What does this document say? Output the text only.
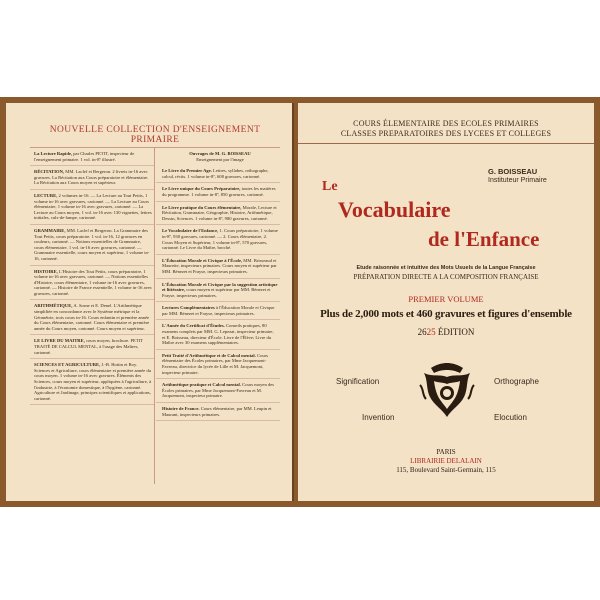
NOUVELLE COLLECTION D'ENSEIGNEMENT PRIMAIRE
La Lecture Rapide, par Charles PETIT, inspecteur de l'enseignement primaire. 1 vol. in-8º illustré.
RÉCITATION, MM. Laclef et Bergeron. 2 livrets in-16 avec gravures. La Récitation aux Cours préparatoire et élémentaire. La Récitation aux Cours moyen et supérieur.
LECTURE, 2 volumes in-16. — La Lecture au Tout Petits, 1 volume in-16 avec gravures, cartonné. — La Lecture au Cours élémentaire, 1 volume in-16 avec gravures, cartonné. — La Lecture au Cours moyen, 1 vol. in-16 avec 130 vignettes, lettres initiales, culs-de-lampe, cartonné.
GRAMMAIRE, MM. Laclef et Bergeron. La Grammaire des Tout Petits, cours préparatoire. 1 vol. in-16, 12 gravures en couleurs, cartonné. — Notions essentielles de Grammaire, cours élémentaire, 1 vol. in-16 avec gravures, cartonné. — Grammaire essentielle, cours moyen et supérieur, 1 volume in-16, cartonné.
HISTOIRE, L'Histoire des Tout Petits, cours préparatoire, 1 volume in-16 avec gravures, cartonné. — Notions essentielles d'Histoire, cours élémentaire, 1 volume in-16 avec gravures, cartonné. — Histoire de France essentielle, 1 volume in-16 avec gravures, cartonné.
ARITHMÉTIQUE, A. Sorne et E. Denel. L'Arithmétique simplifiée en concordance avec le Système métrique et la Géométrie, trois cours in-16. Cours enfantin et première année du Cours élémentaire, cartonné. Cours élémentaire et première année du Cours moyen, cartonné. Cours moyen et supérieur.
LE LIVRE DU MAITRE, cours moyen, brochure. PETIT TRAITÉ DE CALCUL MENTAL, à l'usage des Maîtres, cartonné.
SCIENCES ET AGRICULTURE, J.-B. Hottin et Roy. Sciences et Agriculture, cours élémentaire et première année du cours moyen. 1 volume in-16 avec gravures. Éléments des Sciences, cours moyen et supérieur, appliquées à l'agriculture, à l'industrie, à l'économie domestique, à l'hygiène, cartonné. Agriculture et Jardinage, principes scientifiques et applications, cartonné.
Ouvrages de M. G. BOISSEAU
Enseignement par l'image
Le Livre du Premier Age. Lettres, syllabes, orthographe, calcul, récits. 1 volume in-8º, 608 gravures, cartonné.
Le Livre unique du Cours Préparatoire, toutes les matières du programme. 1 volume in-8º, 850 gravures, cartonné.
Le Livre pratique du Cours élémentaire, Morale, Lecture et Récitation, Grammaire, Géographie, Histoire, Arithmétique, Dessin, Sciences. 1 volume in-8º, 980 gravures, cartonné.
Le Vocabulaire de l'Enfance, 1. Cours préparatoire, 1 volume in-8º, 930 gravures, cartonné. — 2. Cours élémentaire, 2. Cours Moyen et Supérieur, 1 volume in-8º, 570 gravures, cartonné. Le Livre du Maître, broché.
L'Éducation Morale et Civique à l'École, MM. Brisseaud et Maurette, inspecteurs primaires. Cours moyen et supérieur par MM. Bénezet et Frayse, inspecteurs primaires.
L'Éducation Morale et Civique par la suggestion artistique et littéraire, cours moyen et supérieur par MM. Bénezet et Frayse, inspecteurs primaires.
Lectures Complémentaires à l'Éducation Morale et Civique par MM. Bénezet et Frayse, inspecteurs primaires.
L'Année du Certificat d'Études. Conseils pratiques, 80 examens complets par MM. G. Lepezat, inspecteur primaire, et E. Boisseau, directeur d'École. Livre de l'Élève; Livre du Maître avec 30 examens supplémentaires.
Petit Traité d'Arithmétique et de Calcul mental. Cours élémentaire des Écoles primaires, par Mme Jacquemont-Favreau, directrice du lycée de Lille et M. Jacquemont, inspecteur primaire.
Arithmétique pratique et Calcul mental. Cours moyen des Écoles primaires, par Mme Jacquemont-Favreau et M. Jacquemont, inspecteur primaire.
Histoire de France. Cours élémentaire, par MM. Leupin et Maurant, inspecteurs primaires.
COURS ÉLEMENTAIRE DES ECOLES PRIMAIRES
CLASSES PREPARATOIRES DES LYCEES ET COLLEGES
Le
Vocabulaire
de l'Enfance
G. BOISSEAU
Instituteur Primaire
Etude raisonnée et intuitive des Mots Usuels de la Langue Française
PRÉPARATION DIRECTE A LA COMPOSITION FRANÇAISE
PREMIER VOLUME
Plus de 2,000 mots et 460 gravures et figures d'ensemble
2625 ÉDITION
Signification	Orthographe
Invention	Elocution
PARIS
LIBRAIRIE DELALAIN
115, Boulevard Saint-Germain, 115
